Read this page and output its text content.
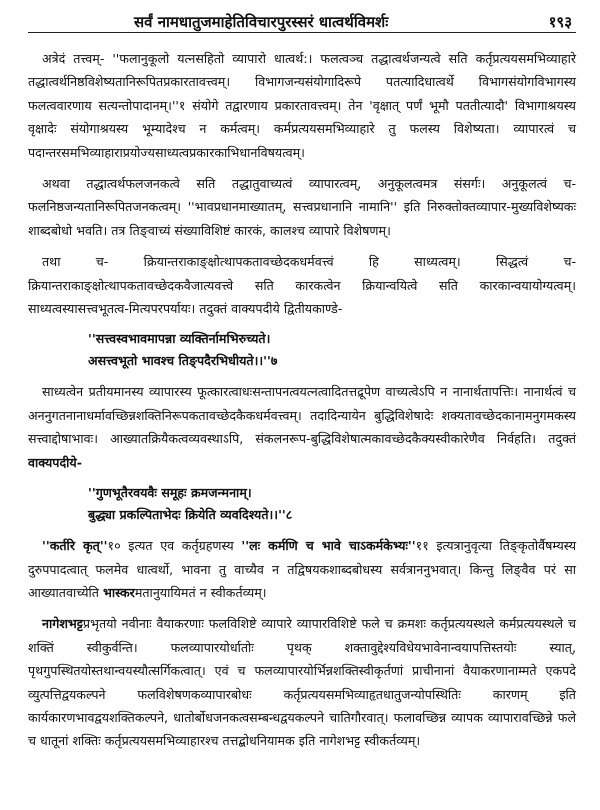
सर्वं नामधातुजमाहेतिविचारपुरस्सरं धात्वर्थविमर्शः	१९३

अत्रेदं तत्त्वम्- ''फलानुकूलो यत्नसहितो व्यापारो धात्वर्थ:। फलत्वञ्च तद्धात्वर्थजन्यत्वे सति कर्तृप्रत्ययसमभिव्याहारे तद्धात्वर्थनिष्ठविशेष्यतानिरूपितप्रकारतावत्त्वम्। विभागजन्यसंयोगादिरूपे पतत्यादिधात्वर्थे विभागसंयोगविभागस्य फलत्ववारणाय सत्यन्तोपादानम्।''१ संयोगे तद्वारणाय प्रकारतावत्त्वम्। तेन 'वृक्षात् पर्णं भूमौ पततीत्यादौ' विभागाश्रयस्य वृक्षादेः संयोगाश्रयस्य भूम्यादेश्च न कर्मत्वम्। कर्मप्रत्ययसमभिव्याहारे तु फलस्य विशेष्यता। व्यापारत्वं च पदान्तरसमभिव्याहाराप्रयोज्यसाध्यत्वप्रकारकाभिधानविषयत्वम्।

अथवा तद्धात्वर्थफलजनकत्वे सति तद्धातुवाच्यत्वं व्यापारत्वम्, अनुकूलत्वमत्र संसर्गः। अनुकूलत्वं च- फलनिष्ठजन्यतानिरूपितजनकत्वम्। ''भावप्रधानमाख्यातम्, सत्त्वप्रधानानि नामानि'' इति निरुक्तोक्तव्यापार-मुख्यविशेष्यकः शाब्दबोधो भवति। तत्र तिङ्वाच्यं संख्याविशिष्टं कारकं, कालश्च व्यापारे विशेषणम्।

तथा च- क्रियान्तराकाङ्क्षोत्थापकतावच्छेदकधर्मवत्त्वं हि साध्यत्वम्। सिद्धत्वं च- क्रियान्तराकाङ्क्षोत्थापकतावच्छेदकवैजात्यवत्त्वे सति कारकत्वेन क्रियान्वयित्वे सति कारकान्वयायोग्यत्वम्। साध्यत्वस्यासत्त्वभूतत्व-मित्यपरपर्यायः। तदुक्तं वाक्यपदीये द्वितीयकाण्डे-

''सत्त्वस्वभावमापन्ना व्यक्तिर्नामभिरुच्यते।
असत्त्वभूतो भावश्च तिङ्पदैरभिधीयते।।''७

साध्यत्वेन प्रतीयमानस्य व्यापारस्य फूत्कारत्वाधःसन्तापनत्वयत्नत्वादितत्तद्रूपेण वाच्यत्वेऽपि न नानार्थतापत्तिः। नानार्थत्वं च अननुगतनानाधर्मावच्छिन्नशक्तिनिरूपकतावच्छेदकैकधर्मवत्त्वम्। तदादिन्यायेन बुद्धिविशेषादेः शक्यतावच्छेदकानामनुगमकस्य सत्त्वाद्दोषाभावः। आख्यातक्रियैकत्वव्यवस्थाऽपि, संकलनरूप-बुद्धिविशेषात्मकावच्छेदकैक्यस्वीकारेणैव निर्वहति। तदुक्तं वाक्यपदीये-

''गुणभूतैरवयवैः समूहः क्रमजन्मनाम्।
बुद्ध्या प्रकल्पिताभेदः क्रियेति व्यवदिश्यते।।''८

''कर्तरि कृत्''१० इत्यत एव कर्तृग्रहणस्य ''लः कर्मणि च भावे चाऽकर्मकेभ्यः''११ इत्यत्रानुवृत्या तिङ्कृतोर्वैषम्यस्य दुरुपपादत्वात् फलमेव धात्वर्थो, भावना तु वाच्यैव न तद्विषयकशाब्दबोधस्य सर्वत्राननुभवात्। किन्तु लिङ्वैव परं सा आख्यातवाच्येति भास्करमतानुयायिमतं न स्वीकर्तव्यम्।

नागेशभट्टप्रभृतयो नवीनाः वैयाकरणाः फलविशिष्टे व्यापारे व्यापारविशिष्टे फले च क्रमशः कर्तृप्रत्ययस्थले कर्मप्रत्ययस्थले च शक्तिं स्वीकुर्वन्ति। फलव्यापारयोर्धातोः पृथक् शक्तावुद्देश्यविधेयभावेनान्वयापत्तिस्तयोः स्यात्, पृथगुपस्थितयोस्तथान्वयस्यौत्सर्गिकत्वात्। एवं च फलव्यापारयोर्भिन्नशक्तिस्वीकृर्तणां प्राचीनानां वैयाकरणानाम्मते एकपदे व्युत्पत्तिद्वयकल्पने फलविशेषणकव्यापारबोधः कर्तृप्रत्ययसमभिव्याहृतधातुजन्योपस्थितिः कारणम् इति कार्यकारणभावद्वयशक्तिकल्पने, धातोर्बोधजनकत्वसम्बन्धद्वयकल्पने चातिगौरवात्। फलावच्छिन्न व्यापक व्यापारावच्छिन्ने फले च धातूनां शक्तिः कर्तृप्रत्ययसमभिव्याहारश्च तत्तद्बोधनियामक इति नागेशभट्ट स्वीकर्तव्यम्।
